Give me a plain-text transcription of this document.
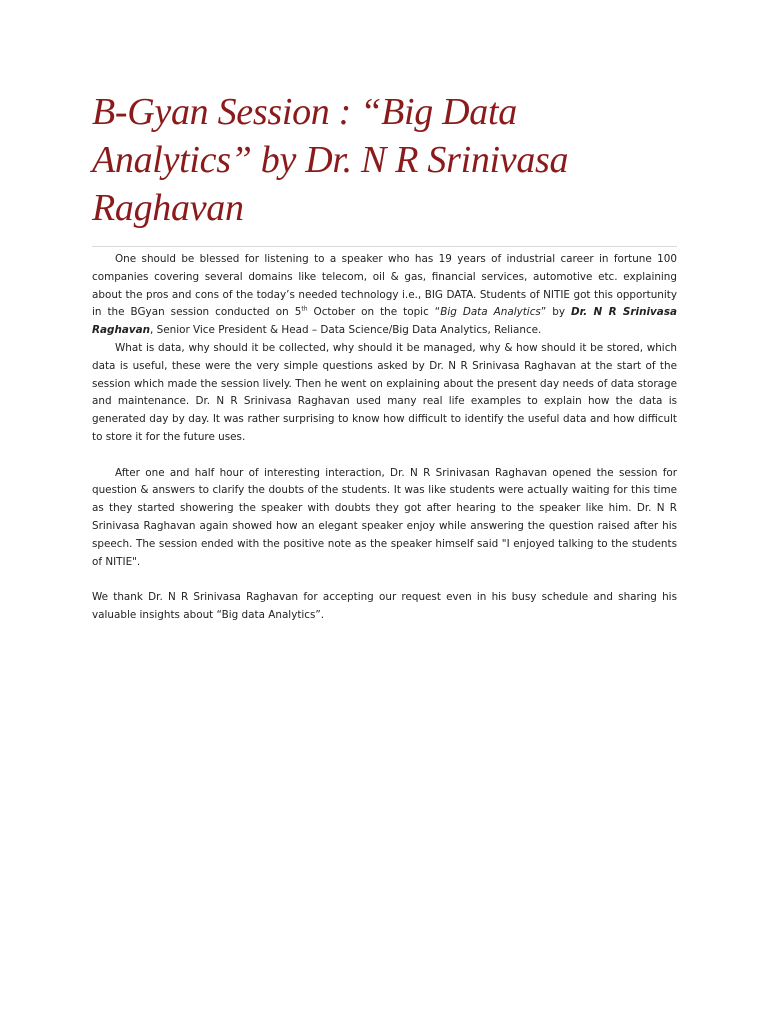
B-Gyan Session : “Big Data Analytics” by Dr. N R Srinivasa Raghavan

One should be blessed for listening to a speaker who has 19 years of industrial career in fortune 100 companies covering several domains like telecom, oil & gas, financial services, automotive etc. explaining about the pros and cons of the today’s needed technology i.e., BIG DATA. Students of NITIE got this opportunity in the BGyan session conducted on 5th October on the topic “Big Data Analytics” by Dr. N R Srinivasa Raghavan, Senior Vice President & Head – Data Science/Big Data Analytics, Reliance.

What is data, why should it be collected, why should it be managed, why & how should it be stored, which data is useful, these were the very simple questions asked by Dr. N R Srinivasa Raghavan at the start of the session which made the session lively. Then he went on explaining about the present day needs of data storage and maintenance. Dr. N R Srinivasa Raghavan used many real life examples to explain how the data is generated day by day. It was rather surprising to know how difficult to identify the useful data and how difficult to store it for the future uses.

After one and half hour of interesting interaction, Dr. N R Srinivasan Raghavan opened the session for question & answers to clarify the doubts of the students. It was like students were actually waiting for this time as they started showering the speaker with doubts they got after hearing to the speaker like him. Dr. N R Srinivasa Raghavan again showed how an elegant speaker enjoy while answering the question raised after his speech. The session ended with the positive note as the speaker himself said "I enjoyed talking to the students of NITIE".

We thank Dr. N R Srinivasa Raghavan for accepting our request even in his busy schedule and sharing his valuable insights about “Big data Analytics”.
